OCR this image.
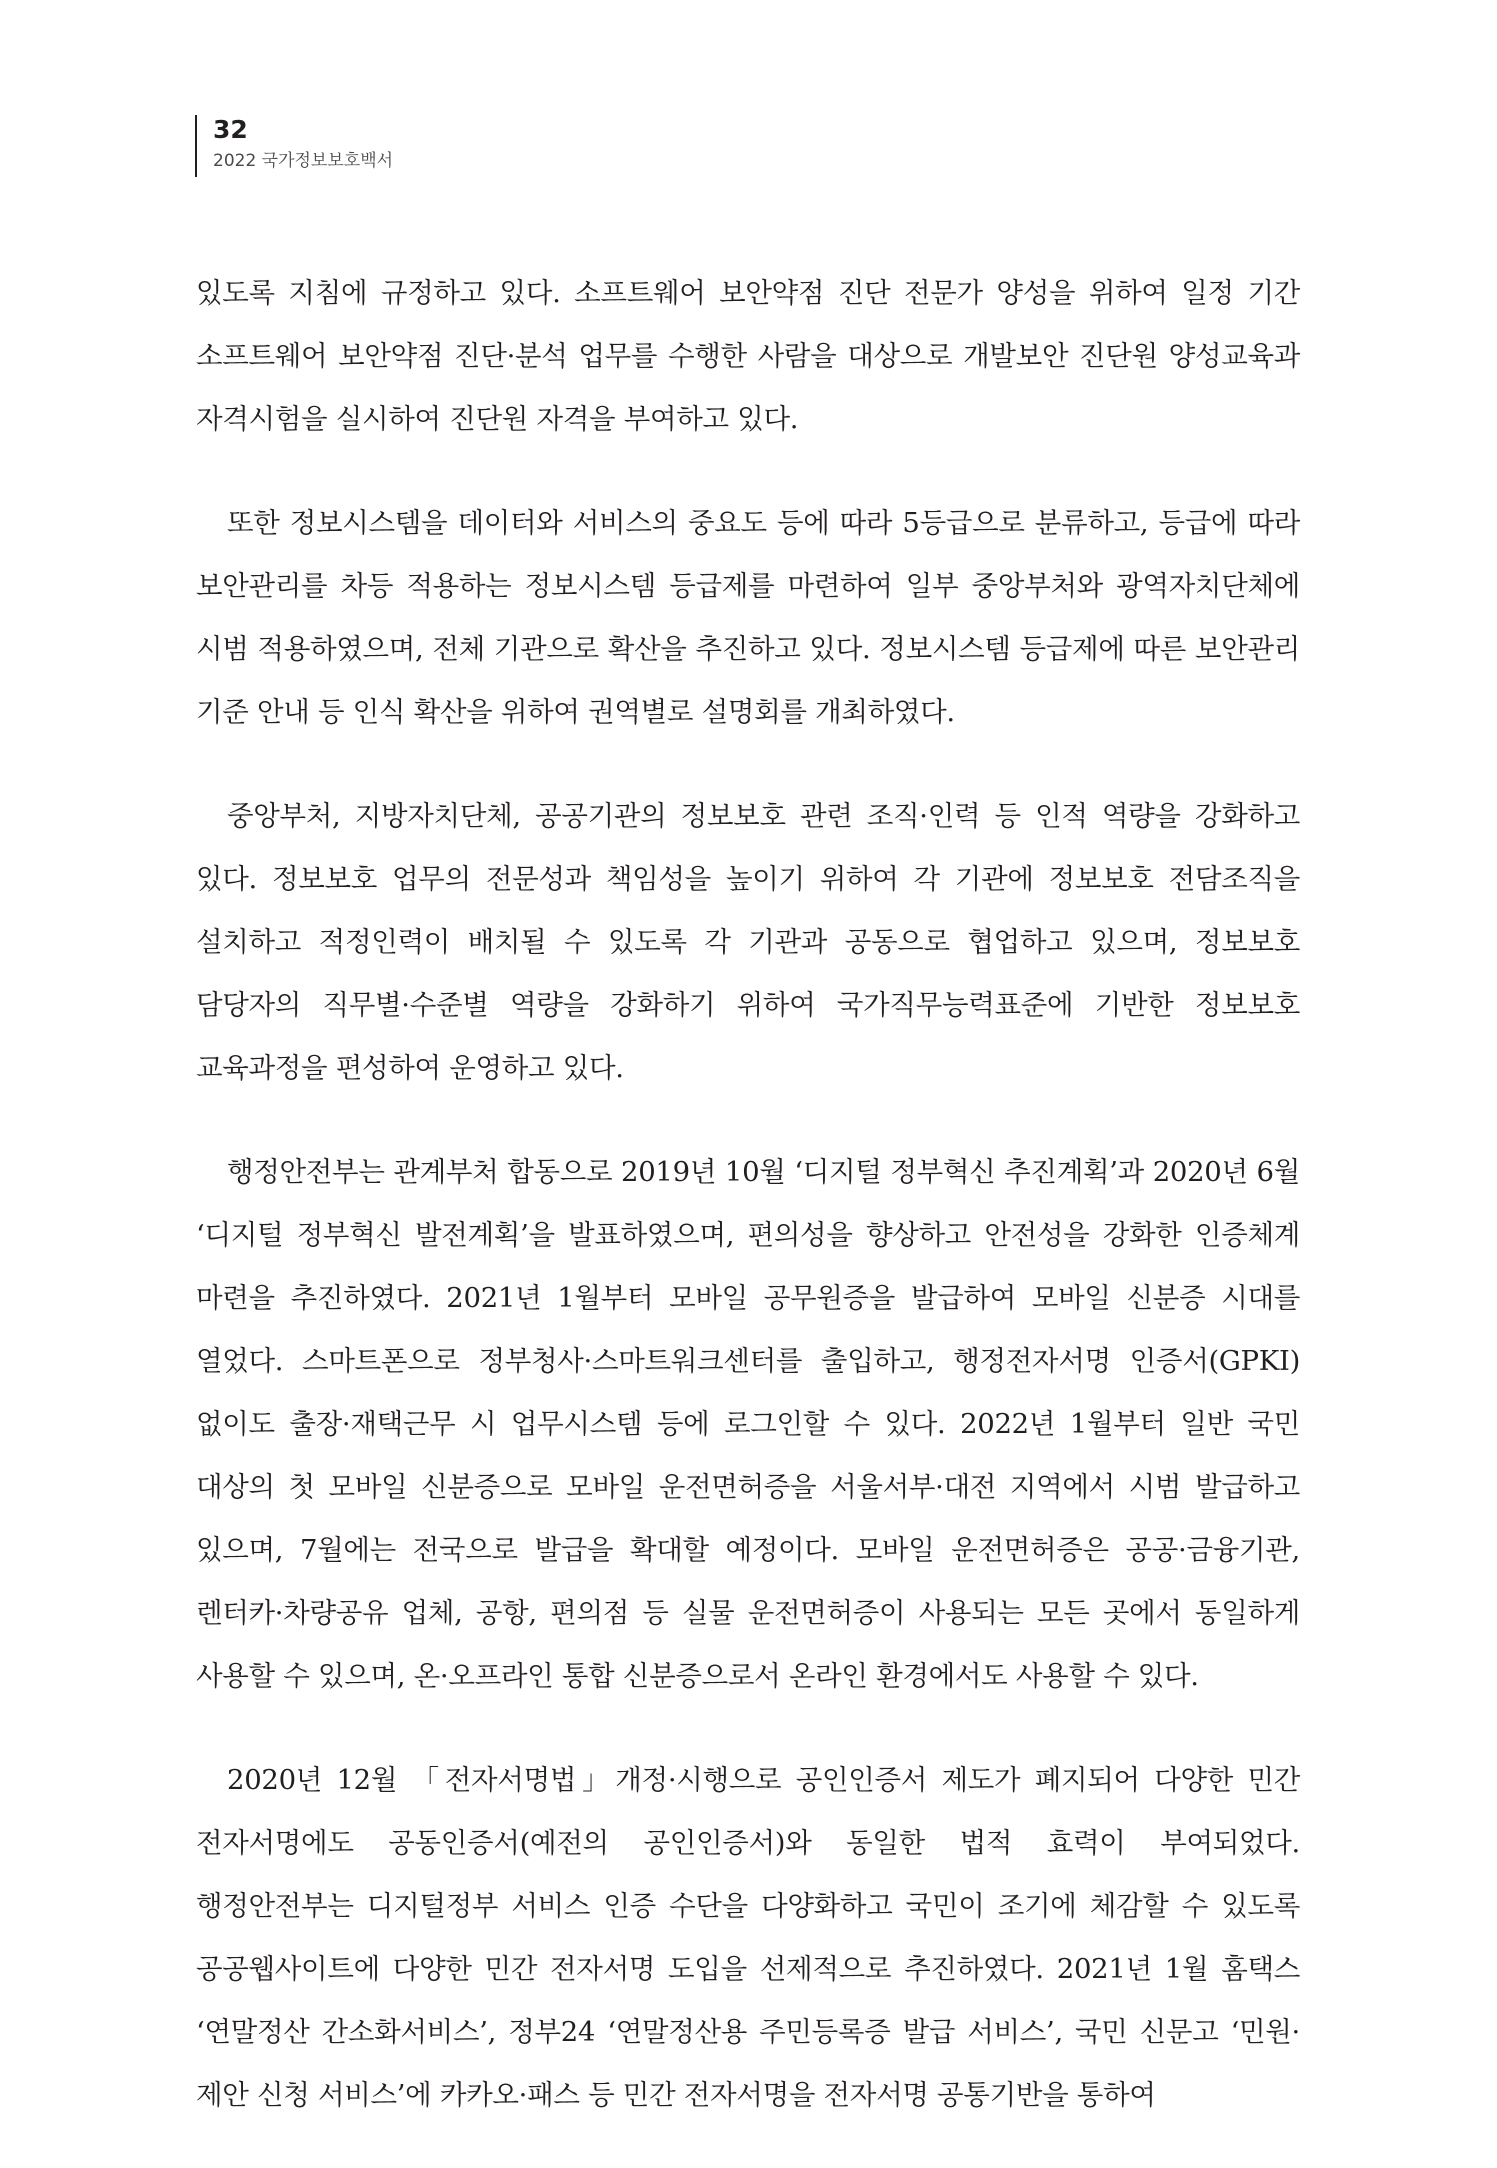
32

2022 국가정보보호백서

있도록 지침에 규정하고 있다. 소프트웨어 보안약점 진단 전문가 양성을 위하여 일정 기간 소프트웨어 보안약점 진단·분석 업무를 수행한 사람을 대상으로 개발보안 진단원 양성교육과 자격시험을 실시하여 진단원 자격을 부여하고 있다.

또한 정보시스템을 데이터와 서비스의 중요도 등에 따라 5등급으로 분류하고, 등급에 따라 보안관리를 차등 적용하는 정보시스템 등급제를 마련하여 일부 중앙부처와 광역자치단체에 시범 적용하였으며, 전체 기관으로 확산을 추진하고 있다. 정보시스템 등급제에 따른 보안관리 기준 안내 등 인식 확산을 위하여 권역별로 설명회를 개최하였다.

중앙부처, 지방자치단체, 공공기관의 정보보호 관련 조직·인력 등 인적 역량을 강화하고 있다. 정보보호 업무의 전문성과 책임성을 높이기 위하여 각 기관에 정보보호 전담조직을 설치하고 적정인력이 배치될 수 있도록 각 기관과 공동으로 협업하고 있으며, 정보보호 담당자의 직무별·수준별 역량을 강화하기 위하여 국가직무능력표준에 기반한 정보보호 교육과정을 편성하여 운영하고 있다.

행정안전부는 관계부처 합동으로 2019년 10월 ‘디지털 정부혁신 추진계획’과 2020년 6월 ‘디지털 정부혁신 발전계획’을 발표하였으며, 편의성을 향상하고 안전성을 강화한 인증체계 마련을 추진하였다. 2021년 1월부터 모바일 공무원증을 발급하여 모바일 신분증 시대를 열었다. 스마트폰으로 정부청사·스마트워크센터를 출입하고, 행정전자서명 인증서(GPKI) 없이도 출장·재택근무 시 업무시스템 등에 로그인할 수 있다. 2022년 1월부터 일반 국민 대상의 첫 모바일 신분증으로 모바일 운전면허증을 서울서부·대전 지역에서 시범 발급하고 있으며, 7월에는 전국으로 발급을 확대할 예정이다. 모바일 운전면허증은 공공·금융기관, 렌터카·차량공유 업체, 공항, 편의점 등 실물 운전면허증이 사용되는 모든 곳에서 동일하게 사용할 수 있으며, 온·오프라인 통합 신분증으로서 온라인 환경에서도 사용할 수 있다.

2020년 12월 「전자서명법」개정·시행으로 공인인증서 제도가 폐지되어 다양한 민간 전자서명에도 공동인증서(예전의 공인인증서)와 동일한 법적 효력이 부여되었다. 행정안전부는 디지털정부 서비스 인증 수단을 다양화하고 국민이 조기에 체감할 수 있도록 공공웹사이트에 다양한 민간 전자서명 도입을 선제적으로 추진하였다. 2021년 1월 홈택스 ‘연말정산 간소화서비스’, 정부24 ‘연말정산용 주민등록증 발급 서비스’, 국민 신문고 ‘민원·제안 신청 서비스’에 카카오·패스 등 민간 전자서명을 전자서명 공통기반을 통하여
